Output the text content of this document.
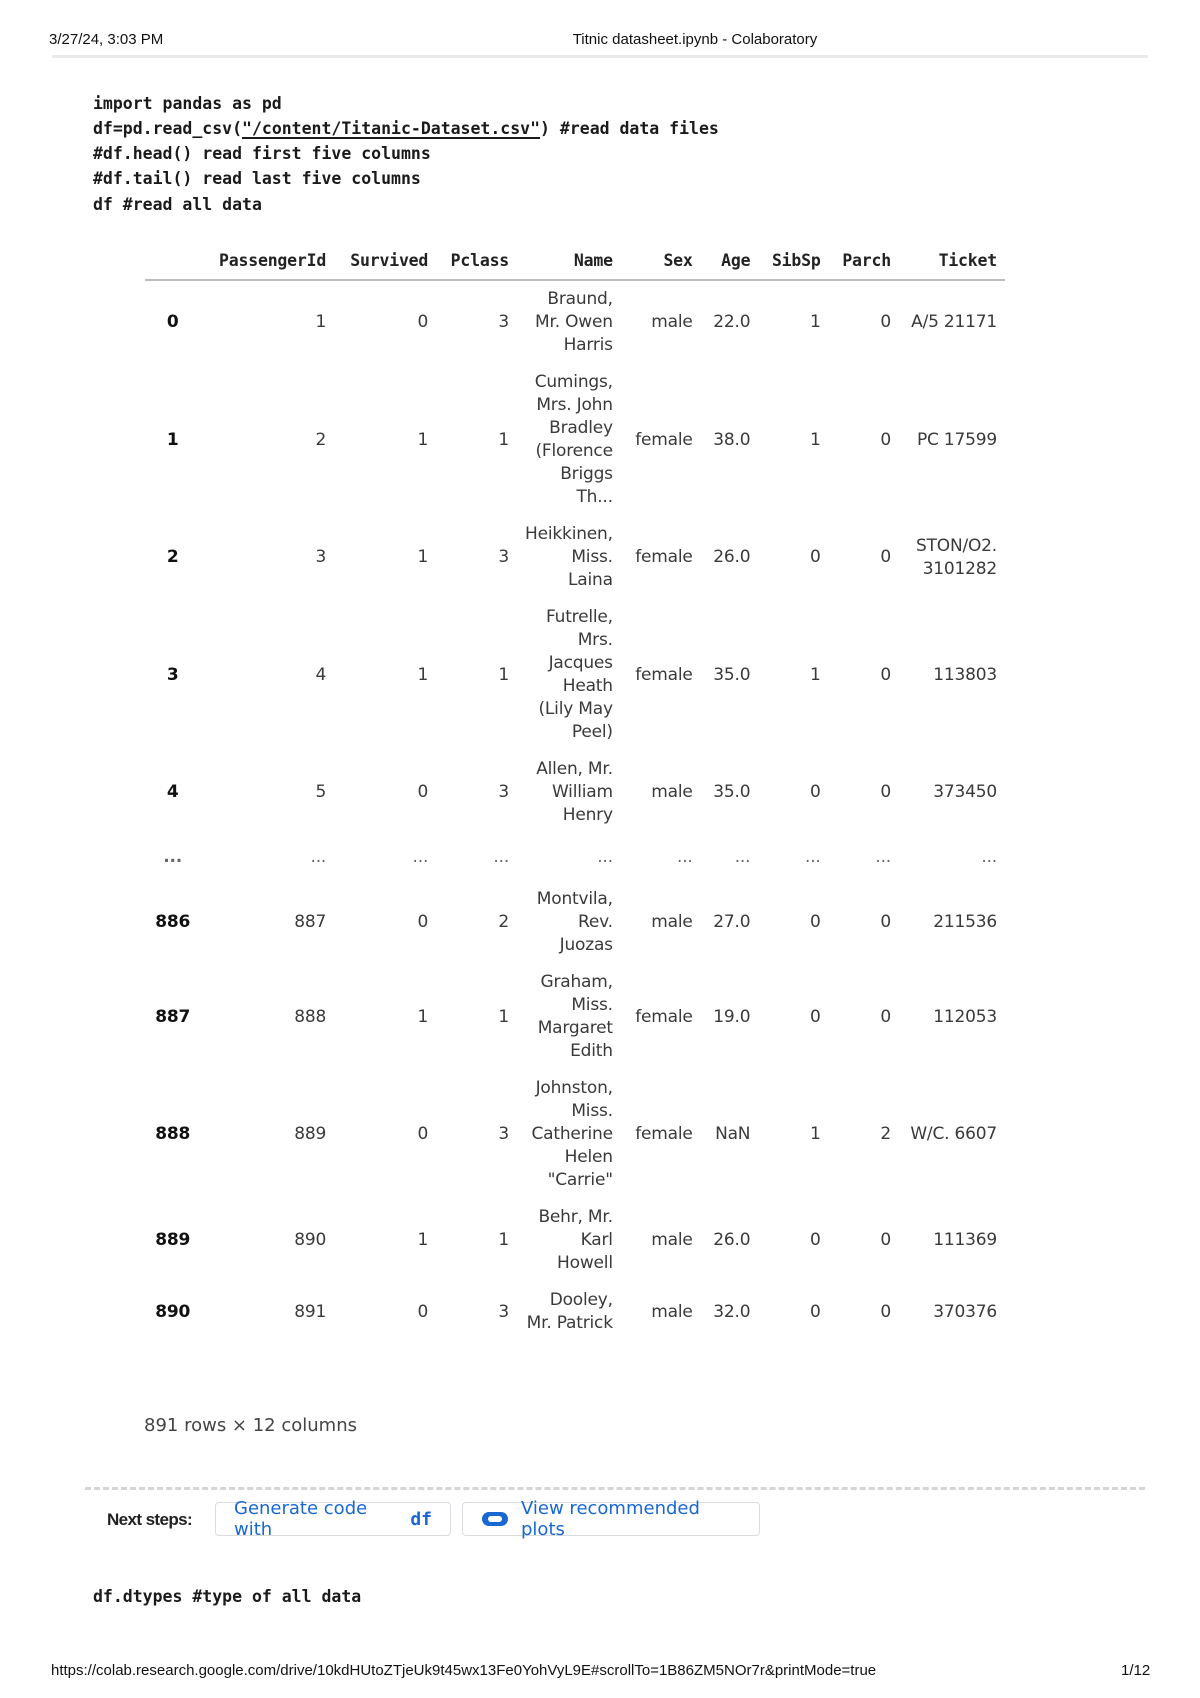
3/27/24, 3:03 PM	Titnic datasheet.ipynb - Colaboratory
import pandas as pd
df=pd.read_csv("/content/Titanic-Dataset.csv") #read data files
#df.head() read first five columns
#df.tail() read last five columns
df #read all data
	PassengerId	Survived	Pclass	Name	Sex	Age	SibSp	Parch	Ticket
0	1	0	3	Braund, Mr. Owen Harris	male	22.0	1	0	A/5 21171
1	2	1	1	Cumings, Mrs. John Bradley (Florence Briggs Th...	female	38.0	1	0	PC 17599
2	3	1	3	Heikkinen, Miss. Laina	female	26.0	0	0	STON/O2. 3101282
3	4	1	1	Futrelle, Mrs. Jacques Heath (Lily May Peel)	female	35.0	1	0	113803
4	5	0	3	Allen, Mr. William Henry	male	35.0	0	0	373450
...	...	...	...	...	...	...	...	...	...
886	887	0	2	Montvila, Rev. Juozas	male	27.0	0	0	211536
887	888	1	1	Graham, Miss. Margaret Edith	female	19.0	0	0	112053
888	889	0	3	Johnston, Miss. Catherine Helen "Carrie"	female	NaN	1	2	W/C. 6607
889	890	1	1	Behr, Mr. Karl Howell	male	26.0	0	0	111369
890	891	0	3	Dooley, Mr. Patrick	male	32.0	0	0	370376
891 rows × 12 columns
Next steps:
Generate code with	df	View recommended plots
df.dtypes #type of all data
https://colab.research.google.com/drive/10kdHUtoZTjeUk9t45wx13Fe0YohVyL9E#scrollTo=1B86ZM5NOr7r&printMode=true	1/12
